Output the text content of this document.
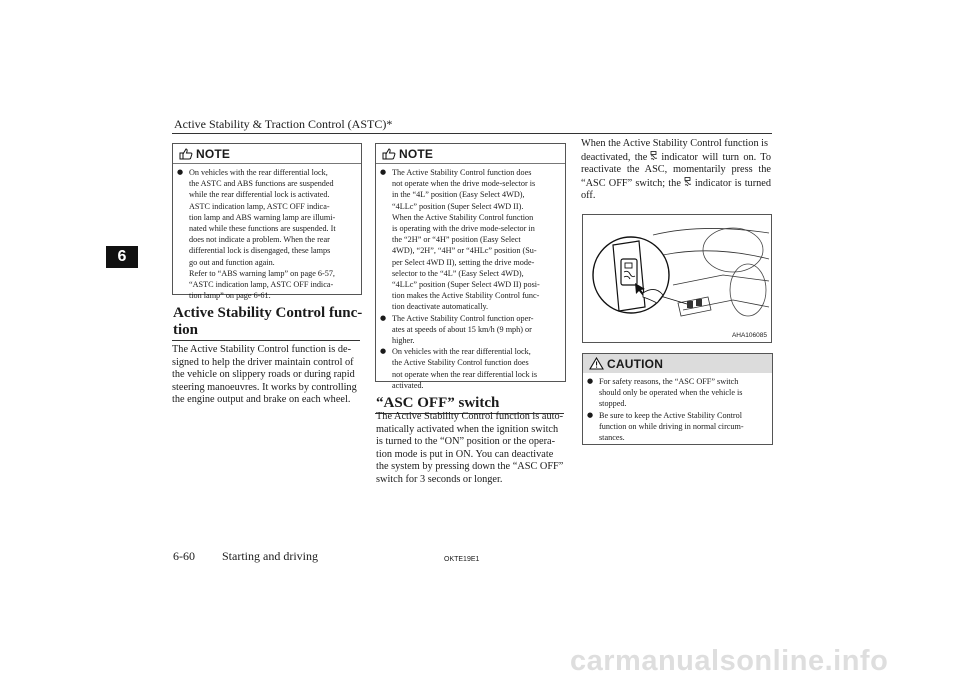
Active Stability & Traction Control (ASTC)*
6
NOTE
● On vehicles with the rear differential lock,
the ASTC and ABS functions are suspended
while the rear differential lock is activated.
ASTC indication lamp, ASTC OFF indica-
tion lamp and ABS warning lamp are illumi-
nated while these functions are suspended. It
does not indicate a problem. When the rear
differential lock is disengaged, these lamps
go out and function again.
Refer to “ABS warning lamp” on page 6-57,
“ASTC indication lamp, ASTC OFF indica-
tion lamp” on page 6-61.
Active Stability Control func-
tion
The Active Stability Control function is de-
signed to help the driver maintain control of
the vehicle on slippery roads or during rapid
steering manoeuvres. It works by controlling
the engine output and brake on each wheel.
NOTE
● The Active Stability Control function does
not operate when the drive mode-selector is
in the “4L” position (Easy Select 4WD),
“4LLc” position (Super Select 4WD II).
When the Active Stability Control function
is operating with the drive mode-selector in
the “2H” or “4H” position (Easy Select
4WD), “2H”, “4H” or “4HLc” position (Su-
per Select 4WD II), setting the drive mode-
selector to the “4L” (Easy Select 4WD),
“4LLc” position (Super Select 4WD II) posi-
tion makes the Active Stability Control func-
tion deactivate automatically.
● The Active Stability Control function oper-
ates at speeds of about 15 km/h (9 mph) or
higher.
● On vehicles with the rear differential lock,
the Active Stability Control function does
not operate when the rear differential lock is
activated.
“ASC OFF” switch
The Active Stability Control function is auto-
matically activated when the ignition switch
is turned to the “ON” position or the opera-
tion mode is put in ON. You can deactivate
the system by pressing down the “ASC OFF”
switch for 3 seconds or longer.
When the Active Stability Control function is
deactivated, the indicator will turn on. To
reactivate the ASC, momentarily press the
“ASC OFF” switch; the indicator is turned
off.
AHA106085
CAUTION
● For safety reasons, the “ASC OFF” switch
should only be operated when the vehicle is
stopped.
● Be sure to keep the Active Stability Control
function on while driving in normal circum-
stances.
6-60 Starting and driving	OKTE19E1
carmanualsonline.info
